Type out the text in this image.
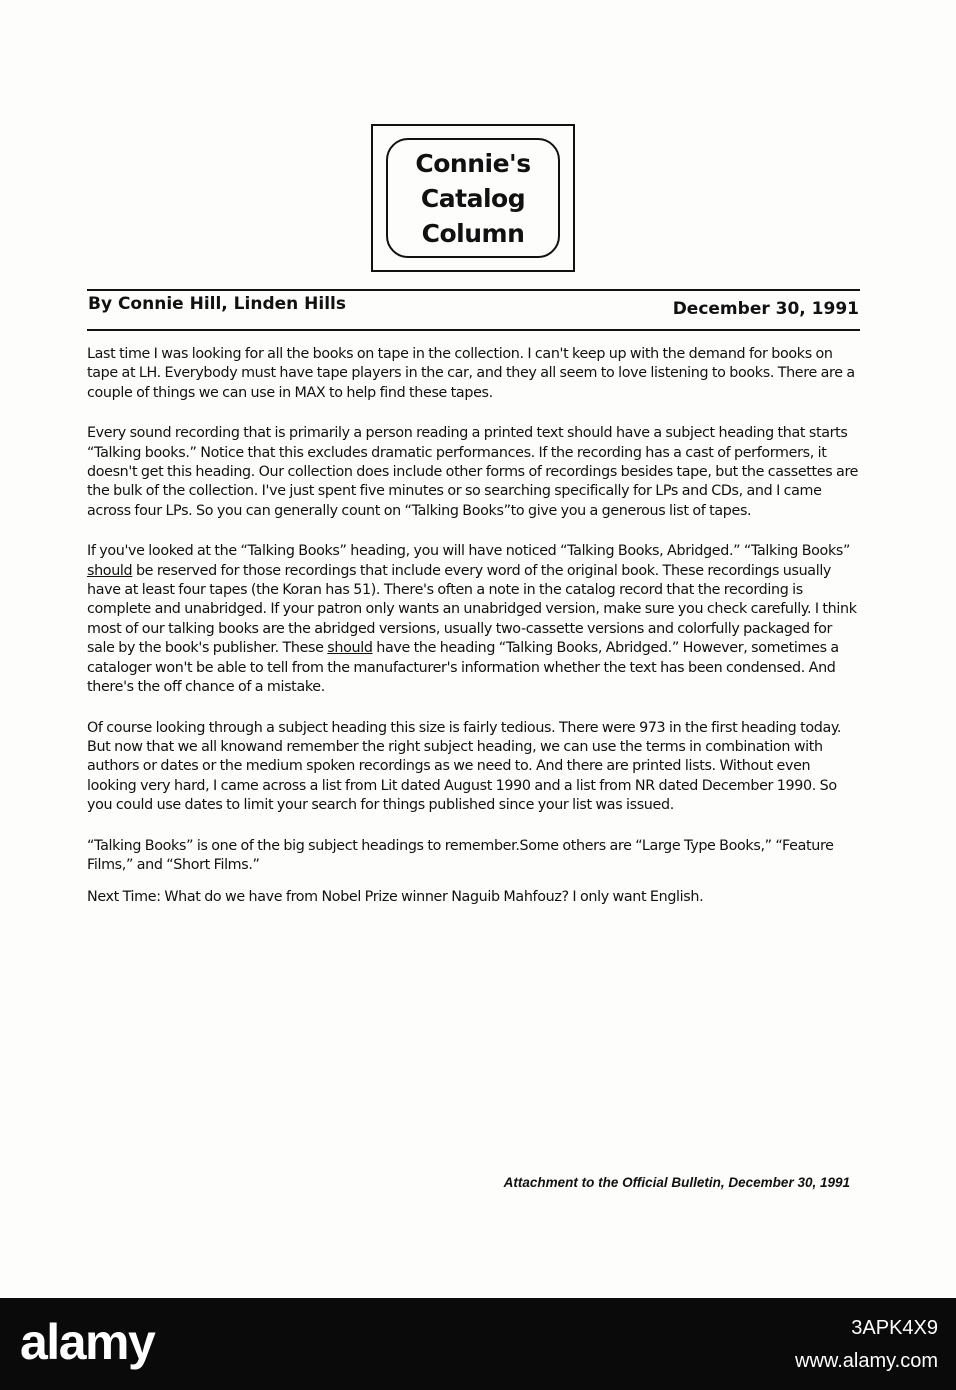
Connie's
Catalog
Column
By Connie Hill, Linden Hills	December 30, 1991

Last time I was looking for all the books on tape in the collection. I can't keep up with the demand for books on tape at LH. Everybody must have tape players in the car, and they all seem to love listening to books. There are a couple of things we can use in MAX to help find these tapes.

Every sound recording that is primarily a person reading a printed text should have a subject heading that starts “Talking books.” Notice that this excludes dramatic performances. If the recording has a cast of performers, it doesn't get this heading. Our collection does include other forms of recordings besides tape, but the cassettes are the bulk of the collection. I've just spent five minutes or so searching specifically for LPs and CDs, and I came across four LPs. So you can generally count on “Talking Books”to give you a generous list of tapes.

If you've looked at the “Talking Books” heading, you will have noticed “Talking Books, Abridged.” “Talking Books” should be reserved for those recordings that include every word of the original book. These recordings usually have at least four tapes (the Koran has 51). There's often a note in the catalog record that the recording is complete and unabridged. If your patron only wants an unabridged version, make sure you check carefully. I think most of our talking books are the abridged versions, usually two-cassette versions and colorfully packaged for sale by the book's publisher. These should have the heading “Talking Books, Abridged.” However, sometimes a cataloger won't be able to tell from the manufacturer's information whether the text has been condensed. And there's the off chance of a mistake.

Of course looking through a subject heading this size is fairly tedious. There were 973 in the first heading today. But now that we all knowand remember the right subject heading, we can use the terms in combination with authors or dates or the medium spoken recordings as we need to. And there are printed lists. Without even looking very hard, I came across a list from Lit dated August 1990 and a list from NR dated December 1990. So you could use dates to limit your search for things published since your list was issued.

“Talking Books” is one of the big subject headings to remember.Some others are “Large Type Books,” “Feature Films,” and “Short Films.”

Next Time: What do we have from Nobel Prize winner Naguib Mahfouz? I only want English.

Attachment to the Official Bulletin, December 30, 1991
alamy	3APK4X9
www.alamy.com
